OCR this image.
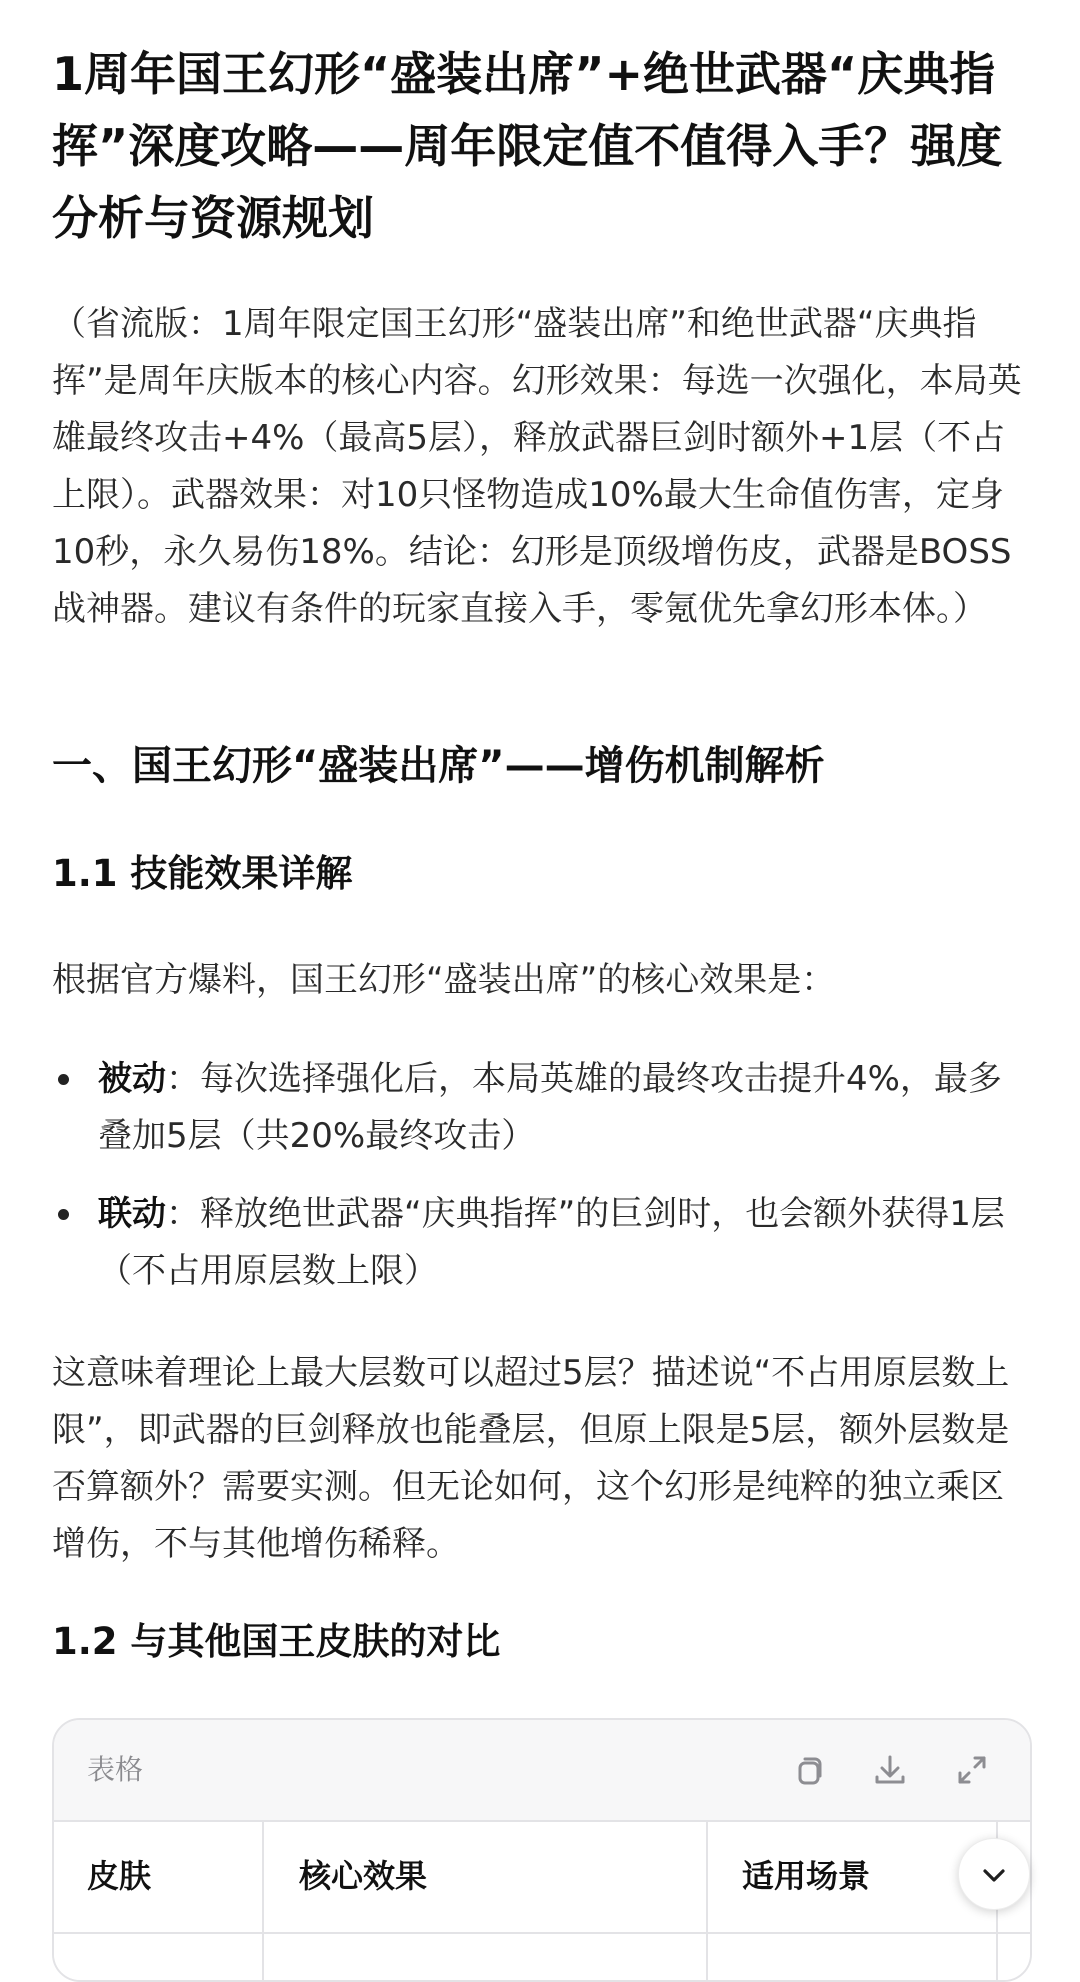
1周年国王幻形“盛装出席”+绝世武器“庆典指挥”深度攻略——周年限定值不值得入手？强度分析与资源规划

（省流版：1周年限定国王幻形“盛装出席”和绝世武器“庆典指挥”是周年庆版本的核心内容。幻形效果：每选一次强化，本局英雄最终攻击+4%（最高5层），释放武器巨剑时额外+1层（不占上限）。武器效果：对10只怪物造成10%最大生命值伤害，定身10秒，永久易伤18%。结论：幻形是顶级增伤皮，武器是BOSS战神器。建议有条件的玩家直接入手，零氪优先拿幻形本体。）

一、国王幻形“盛装出席”——增伤机制解析
1.1 技能效果详解

根据官方爆料，国王幻形“盛装出席”的核心效果是：

被动：每次选择强化后，本局英雄的最终攻击提升4%，最多叠加5层（共20%最终攻击）
联动：释放绝世武器“庆典指挥”的巨剑时，也会额外获得1层（不占用原层数上限）

这意味着理论上最大层数可以超过5层？描述说“不占用原层数上限”，即武器的巨剑释放也能叠层，但原上限是5层，额外层数是否算额外？需要实测。但无论如何，这个幻形是纯粹的独立乘区增伤，不与其他增伤稀释。

1.2 与其他国王皮肤的对比
表格
皮肤	核心效果	适用场景
